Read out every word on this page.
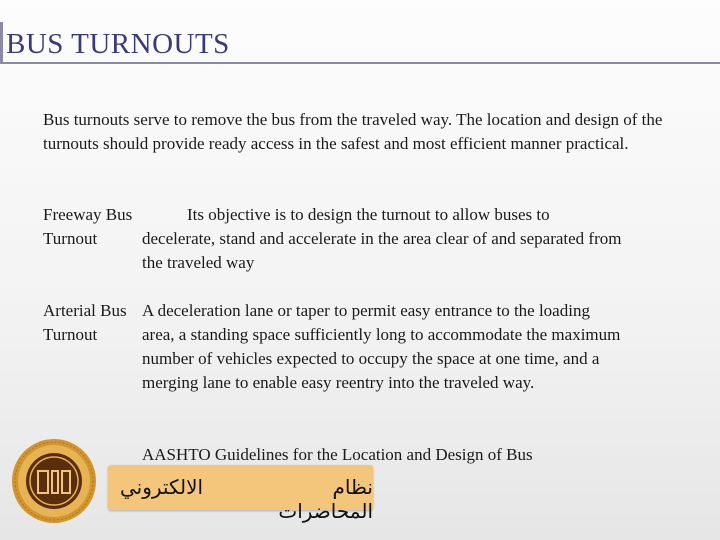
BUS TURNOUTS
Bus turnouts serve to remove the bus from the traveled way. The location and design of the turnouts should provide ready access in the safest and most efficient manner practical.
Freeway Bus Turnout
Its objective is to design the turnout to allow buses to decelerate, stand and accelerate in the area clear of and separated from the traveled way
Arterial Bus Turnout
A deceleration lane or taper to permit easy entrance to the loading area, a standing space sufficiently long to accommodate the maximum number of vehicles expected to occupy the space at one time, and a merging lane to enable easy reentry into the traveled way.
AASHTO Guidelines for the Location and Design of Bus
الالكتروني	نظام المحاضرات
